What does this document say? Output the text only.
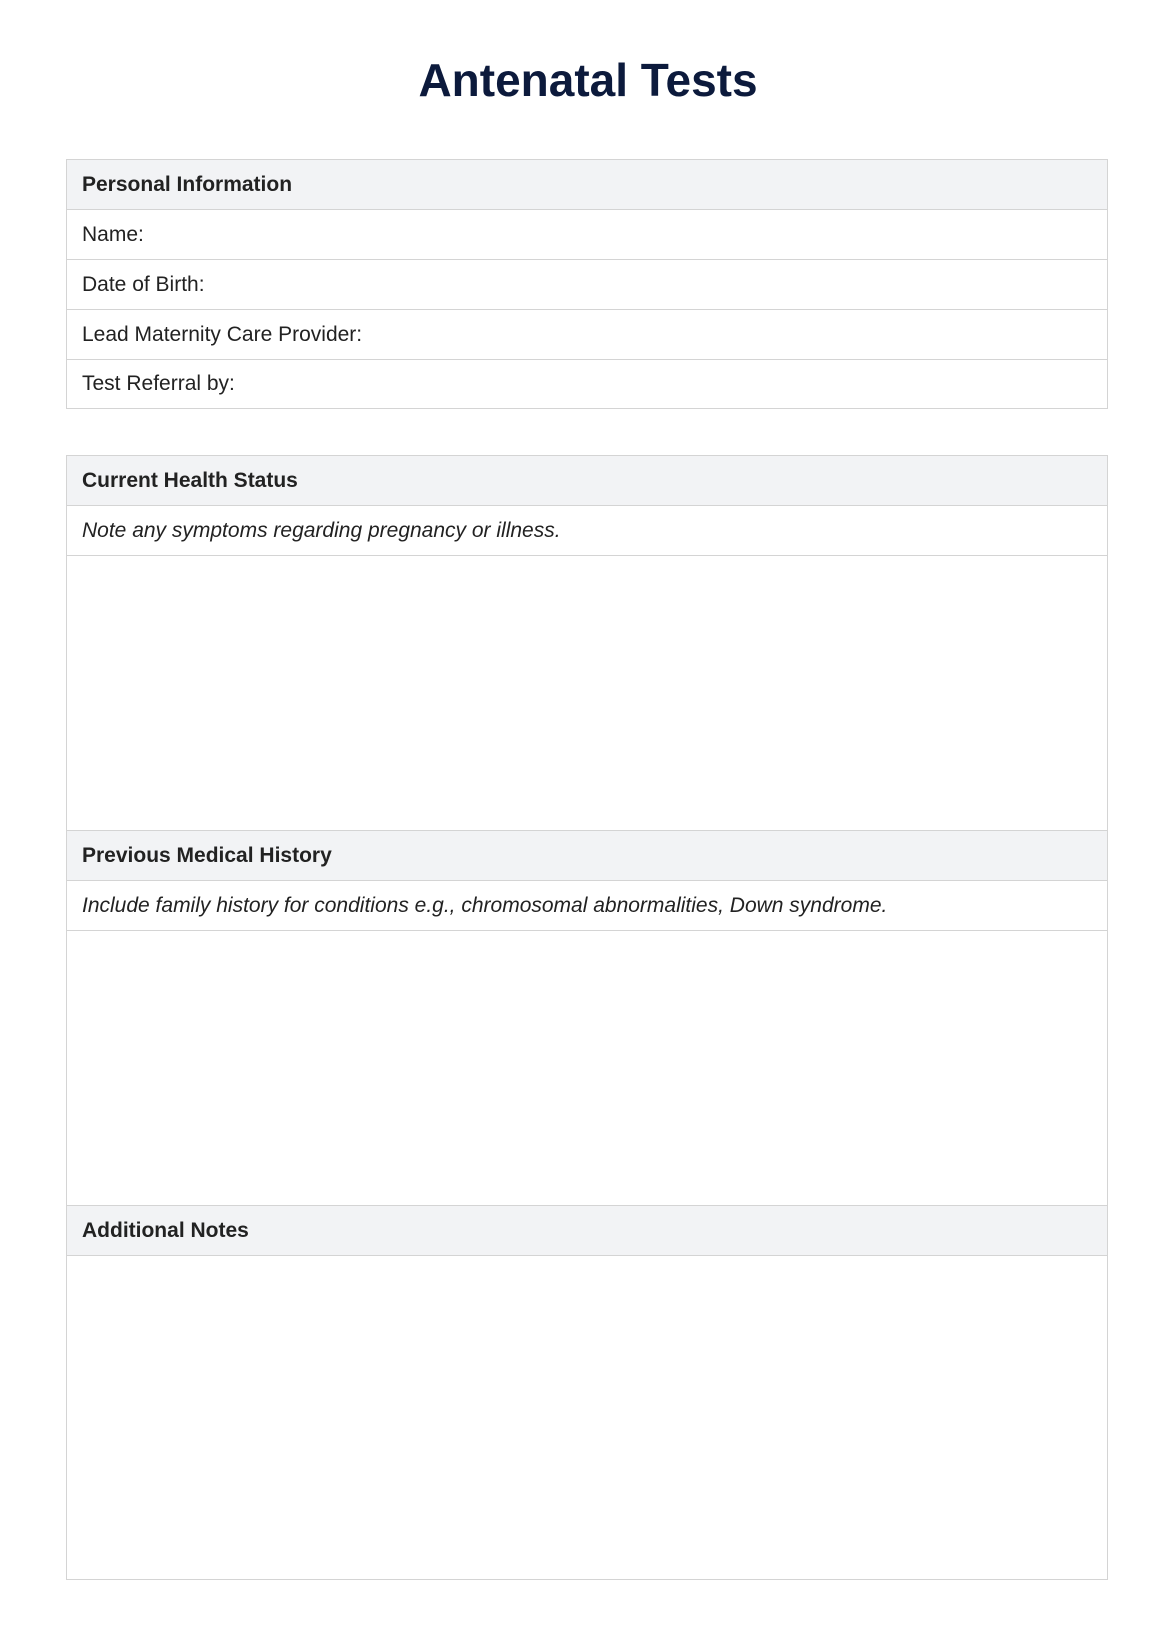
Antenatal Tests
Personal Information
Name:
Date of Birth:
Lead Maternity Care Provider:
Test Referral by:
Current Health Status
Note any symptoms regarding pregnancy or illness.
Previous Medical History
Include family history for conditions e.g., chromosomal abnormalities, Down syndrome.
Additional Notes
